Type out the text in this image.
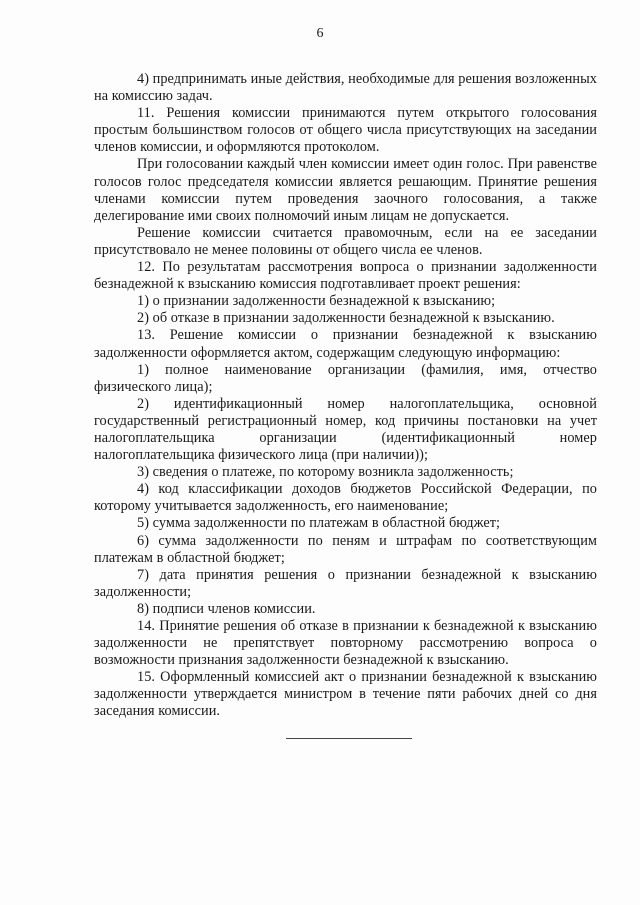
6

4) предпринимать иные действия, необходимые для решения возложенных на комиссию задач.

11. Решения комиссии принимаются путем открытого голосования простым большинством голосов от общего числа присутствующих на заседании членов комиссии, и оформляются протоколом.

При голосовании каждый член комиссии имеет один голос. При равенстве голосов голос председателя комиссии является решающим. Принятие решения членами комиссии путем проведения заочного голосования, а также делегирование ими своих полномочий иным лицам не допускается.

Решение комиссии считается правомочным, если на ее заседании присутствовало не менее половины от общего числа ее членов.

12. По результатам рассмотрения вопроса о признании задолженности безнадежной к взысканию комиссия подготавливает проект решения:

1) о признании задолженности безнадежной к взысканию;

2) об отказе в признании задолженности безнадежной к взысканию.

13. Решение комиссии о признании безнадежной к взысканию задолженности оформляется актом, содержащим следующую информацию:

1) полное наименование организации (фамилия, имя, отчество физического лица);

2) идентификационный номер налогоплательщика, основной государственный регистрационный номер, код причины постановки на учет налогоплательщика организации (идентификационный номер налогоплательщика физического лица (при наличии));

3) сведения о платеже, по которому возникла задолженность;

4) код классификации доходов бюджетов Российской Федерации, по которому учитывается задолженность, его наименование;

5) сумма задолженности по платежам в областной бюджет;

6) сумма задолженности по пеням и штрафам по соответствующим платежам в областной бюджет;

7) дата принятия решения о признании безнадежной к взысканию задолженности;

8) подписи членов комиссии.

14. Принятие решения об отказе в признании к безнадежной к взысканию задолженности не препятствует повторному рассмотрению вопроса о возможности признания задолженности безнадежной к взысканию.

15. Оформленный комиссией акт о признании безнадежной к взысканию задолженности утверждается министром в течение пяти рабочих дней со дня заседания комиссии.
